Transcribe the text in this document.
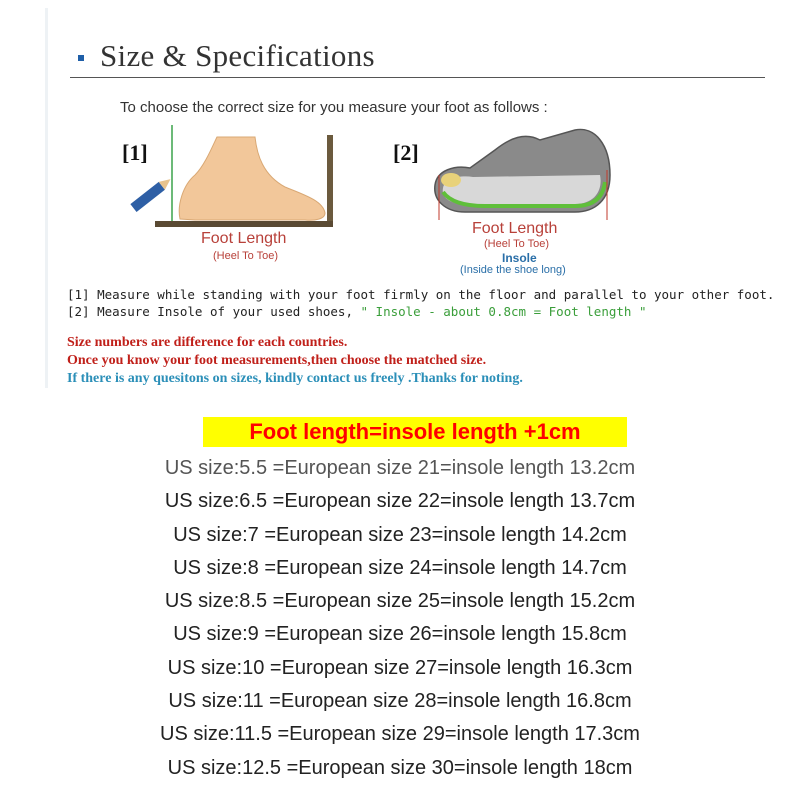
Size & Specifications
To choose the correct size for you measure your foot as follows :
[1]
Foot Length
(Heel To Toe)
[2]
Foot Length
(Heel To Toe)
Insole
(Inside the shoe long)
[1] Measure while standing with your foot firmly on the floor and parallel to your other foot.
[2] Measure Insole of your used shoes, " Insole - about 0.8cm = Foot length "
Size numbers are difference for each countries.
Once you know your foot measurements,then choose the matched size.
If there is any quesitons on sizes, kindly contact us freely .Thanks for noting.
Foot length=insole length +1cm
US size:5.5 =European size 21=insole length 13.2cm
US size:6.5 =European size 22=insole length 13.7cm
US size:7 =European size 23=insole length 14.2cm
US size:8 =European size 24=insole length 14.7cm
US size:8.5 =European size 25=insole length 15.2cm
US size:9 =European size 26=insole length 15.8cm
US size:10 =European size 27=insole length 16.3cm
US size:11 =European size 28=insole length 16.8cm
US size:11.5 =European size 29=insole length 17.3cm
US size:12.5 =European size 30=insole length 18cm
